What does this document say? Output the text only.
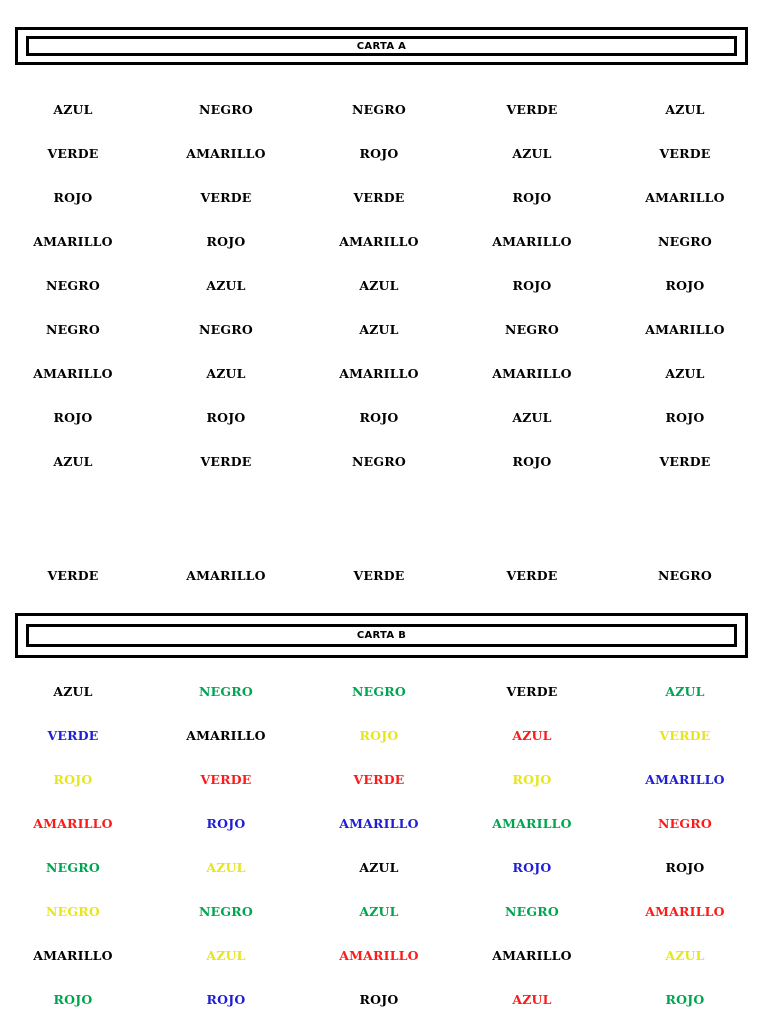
CARTA A
AZUL	NEGRO	NEGRO	VERDE	AZUL
VERDE	AMARILLO	ROJO	AZUL	VERDE
ROJO	VERDE	VERDE	ROJO	AMARILLO
AMARILLO	ROJO	AMARILLO	AMARILLO	NEGRO
NEGRO	AZUL	AZUL	ROJO	ROJO
NEGRO	NEGRO	AZUL	NEGRO	AMARILLO
AMARILLO	AZUL	AMARILLO	AMARILLO	AZUL
ROJO	ROJO	ROJO	AZUL	ROJO
AZUL	VERDE	NEGRO	ROJO	VERDE
VERDE	AMARILLO	VERDE	VERDE	NEGRO
CARTA B
AZUL	NEGRO	NEGRO	VERDE	AZUL
VERDE	AMARILLO	ROJO	AZUL	VERDE
ROJO	VERDE	VERDE	ROJO	AMARILLO
AMARILLO	ROJO	AMARILLO	AMARILLO	NEGRO
NEGRO	AZUL	AZUL	ROJO	ROJO
NEGRO	NEGRO	AZUL	NEGRO	AMARILLO
AMARILLO	AZUL	AMARILLO	AMARILLO	AZUL
ROJO	ROJO	ROJO	AZUL	ROJO
